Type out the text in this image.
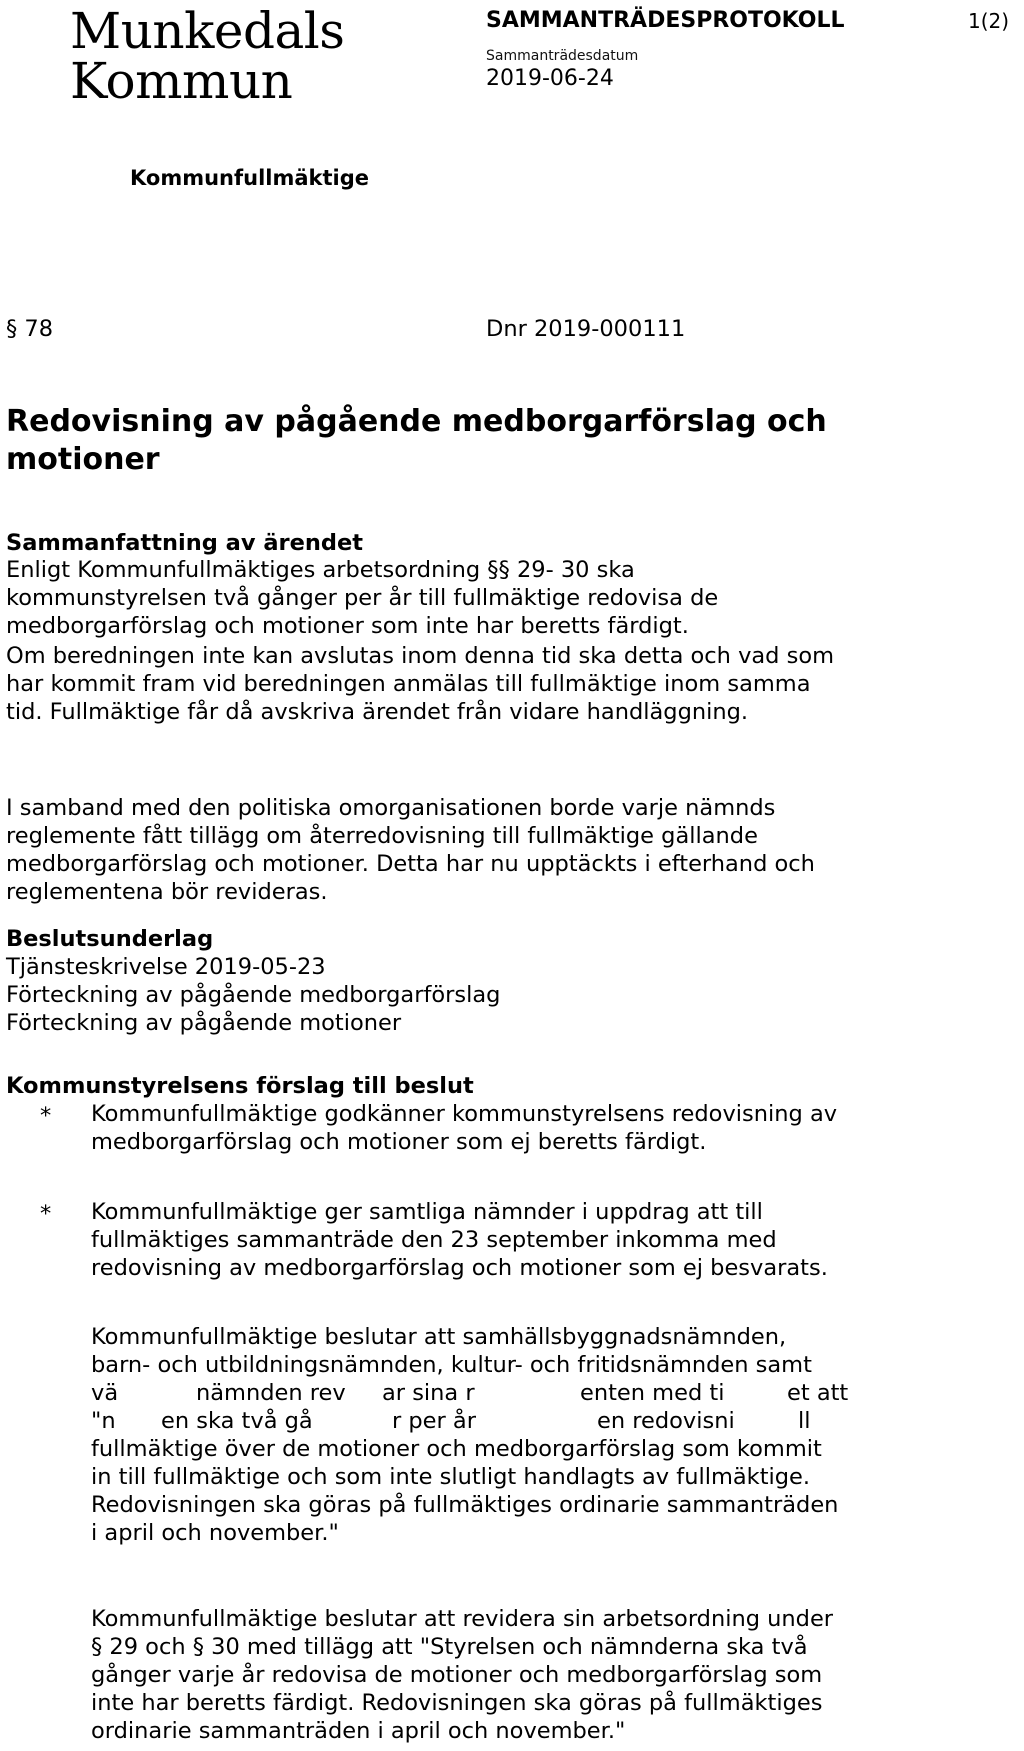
Munkedals
Kommun
SAMMANTRÄDESPROTOKOLL
Sammanträdesdatum
2019-06-24
1(2)
Kommunfullmäktige
§ 78	Dnr 2019-000111
Redovisning av pågående medborgarförslag och
motioner
Sammanfattning av ärendet

Enligt Kommunfullmäktiges arbetsordning §§ 29- 30 ska

kommunstyrelsen två gånger per år till fullmäktige redovisa de

medborgarförslag och motioner som inte har beretts färdigt.

Om beredningen inte kan avslutas inom denna tid ska detta och vad som

har kommit fram vid beredningen anmälas till fullmäktige inom samma

tid. Fullmäktige får då avskriva ärendet från vidare handläggning.

I samband med den politiska omorganisationen borde varje nämnds

reglemente fått tillägg om återredovisning till fullmäktige gällande

medborgarförslag och motioner. Detta har nu upptäckts i efterhand och

reglementena bör revideras.

Beslutsunderlag

Tjänsteskrivelse 2019-05-23

Förteckning av pågående medborgarförslag

Förteckning av pågående motioner

Kommunstyrelsens förslag till beslut
* Kommunfullmäktige godkänner kommunstyrelsens redovisning av

medborgarförslag och motioner som ej beretts färdigt.

* Kommunfullmäktige ger samtliga nämnder i uppdrag att till

fullmäktiges sammanträde den 23 september inkomma med

redovisning av medborgarförslag och motioner som ej besvarats.

Kommunfullmäktige beslutar att samhällsbyggnadsnämnden,

barn- och utbildningsnämnden, kultur- och fritidsnämnden samt

vä	nämnden rev ar sina r	enten med ti	et att
"n en ska två gå	r per år	en redovisni	ll

fullmäktige över de motioner och medborgarförslag som kommit

in till fullmäktige och som inte slutligt handlagts av fullmäktige.

Redovisningen ska göras på fullmäktiges ordinarie sammanträden

i april och november."

Kommunfullmäktige beslutar att revidera sin arbetsordning under

§ 29 och § 30 med tillägg att "Styrelsen och nämnderna ska två

gånger varje år redovisa de motioner och medborgarförslag som

inte har beretts färdigt. Redovisningen ska göras på fullmäktiges

ordinarie sammanträden i april och november."
